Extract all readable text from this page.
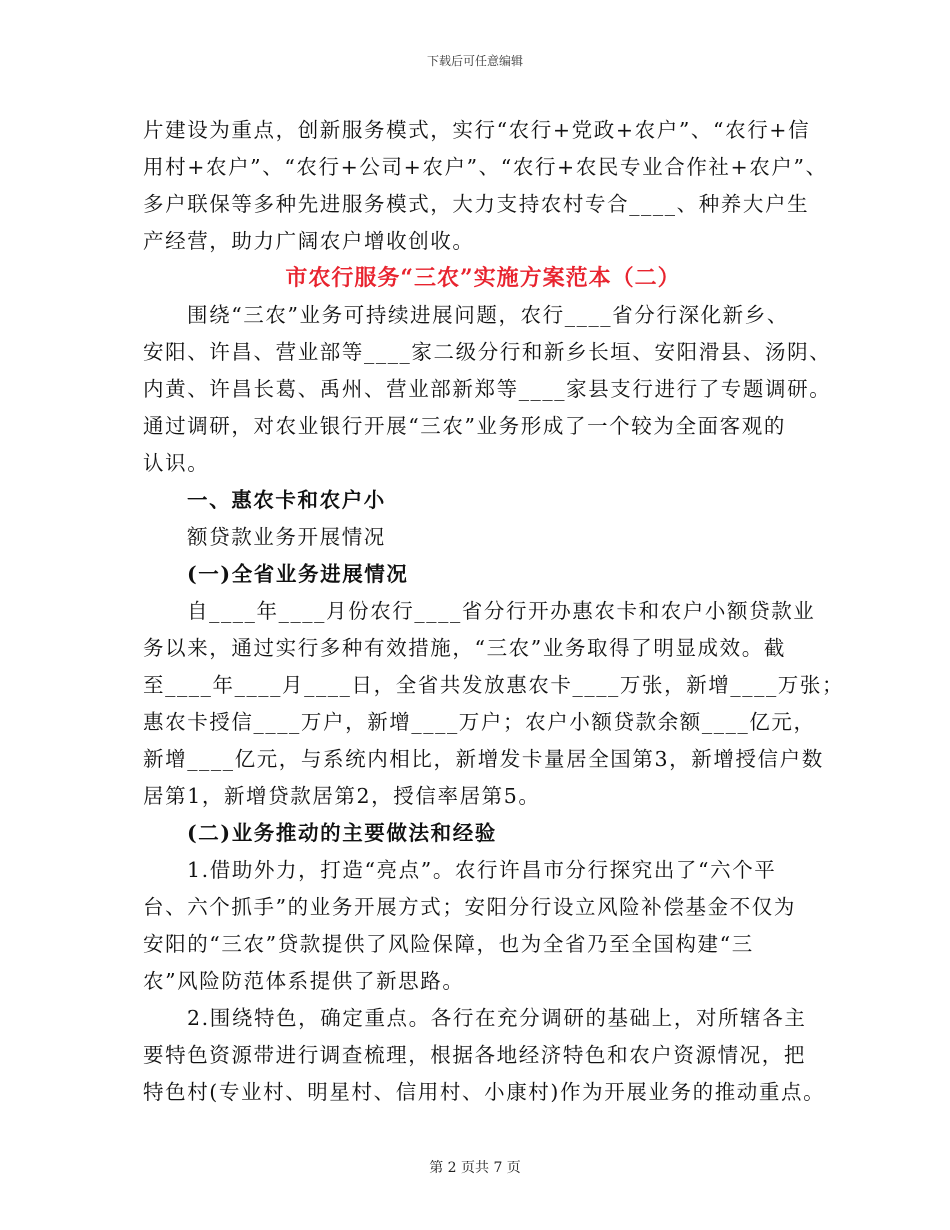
下载后可任意编辑
片建设为重点，创新服务模式，实行“农行+党政+农户”、“农行+信
用村+农户”、“农行+公司+农户”、“农行+农民专业合作社+农户”、
多户联保等多种先进服务模式，大力支持农村专合____、种养大户生
产经营，助力广阔农户增收创收。
市农行服务“三农”实施方案范本（二）
围绕“三农”业务可持续进展问题，农行____省分行深化新乡、
安阳、许昌、营业部等____家二级分行和新乡长垣、安阳滑县、汤阴、
内黄、许昌长葛、禹州、营业部新郑等____家县支行进行了专题调研。
通过调研，对农业银行开展“三农”业务形成了一个较为全面客观的
认识。
一、惠农卡和农户小
额贷款业务开展情况
(一)全省业务进展情况
自____年____月份农行____省分行开办惠农卡和农户小额贷款业
务以来，通过实行多种有效措施，“三农”业务取得了明显成效。截
至____年____月____日，全省共发放惠农卡____万张，新增____万张；
惠农卡授信____万户，新增____万户；农户小额贷款余额____亿元，
新增____亿元，与系统内相比，新增发卡量居全国第3，新增授信户数
居第1，新增贷款居第2，授信率居第5。
(二)业务推动的主要做法和经验
1.借助外力，打造“亮点”。农行许昌市分行探究出了“六个平
台、六个抓手”的业务开展方式；安阳分行设立风险补偿基金不仅为
安阳的“三农”贷款提供了风险保障，也为全省乃至全国构建“三
农”风险防范体系提供了新思路。
2.围绕特色，确定重点。各行在充分调研的基础上，对所辖各主
要特色资源带进行调查梳理，根据各地经济特色和农户资源情况，把
特色村(专业村、明星村、信用村、小康村)作为开展业务的推动重点。
第 2 页共 7 页
